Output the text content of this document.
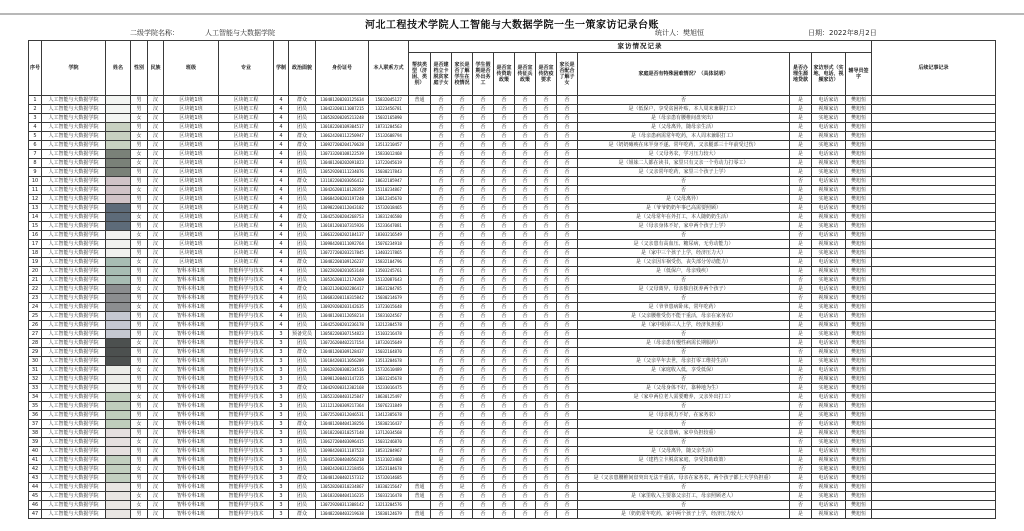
河北工程技术学院人工智能与大数据学院一生一策家访记录台账
二级学院名称：	人工智能与大数据学院	统计人：樊旭恒	日期：2022年8月2日
序号	学院	姓名	性别	民族	班级	专业	学制	政治面貌	身份证号	本人联系方式	家访情况记录												后续记事记录
											帮扶类型（济困、类别）	是否建档立卡脱贫家庭子女	家长是否了解学生在校情况	学生假期是否外出务工	是否宣传资助政策	是否宣传征兵政策	是否宣传防疫要求	家长是否配合了解子女	家庭是否有特殊困难情况？（具体说明）	是否办理生源地贷款	家访形式（实地、电话、视频家访）	辅导员签字	
1	人工智能与大数据学院		男	汉	区块链1班	区块链工程	4	群众	130481200203125634	15832045127	普通	否	否	否	否	否	否	否	否	是	电话家访	樊旭恒	
2	人工智能与大数据学院		男	汉	区块链1班	区块链工程	4	团员	130423200111087215	13223456781		否	否	否	否	否	否	否	是（低保户，享受贫困补贴，本人周末兼职打工）	是	视频家访	樊旭恒	
3	人工智能与大数据学院		女	汉	区块链1班	区块链工程	4	团员	130528200205213248	15032165890		否	否	否	否	否	否	否	是（母亲患有腰椎间盘突出）	是	实地家访	樊旭恒	
4	人工智能与大数据学院		男	汉	区块链1班	区块链工程	4	团员	130182200109304517	18731204563		否	否	否	否	否	否	否	是（父母离异，随母亲生活）	是	电话家访	樊旭恒	
5	人工智能与大数据学院		女	汉	区块链1班	区块链工程	4	群众	130624200112250947	15132608794		否	否	否	否	否	否	否	是（母亲患病需常年吃药，本人周末兼职打工）	是	视频家访	樊旭恒	
6	人工智能与大数据学院		男	汉	区块链1班	区块链工程	4	群众	130927200204170628	13513210457		否	否	否	否	否	否	否	是（奶奶瘫痪在床半身不遂、常年吃药，父亲腿部三十年前受过伤）	是	实地家访	樊旭恒	
7	人工智能与大数据学院		女	汉	区块链1班	区块链工程	4	团员	130733200108122539	15833012468		否	否	否	否	否	否	否	是（父母务农，学习压力较大）	是	电话家访	樊旭恒	
8	人工智能与大数据学院		女	汉	区块链1班	区块链工程	4	团员	130481200202091823	13722045619		否	否	否	否	否	否	否	是（姐妹二人都在读书，家里只有父亲一个劳动力打零工）	是	视频家访	樊旭恒	
9	人工智能与大数据学院		男	汉	区块链1班	区块链工程	4	团员	130529200111234076	15030217843		否	否	否	否	否	否	否	是（父亲常年吃药，家里三个孩子上学）	是	实地家访	樊旭恒	
10	人工智能与大数据学院		男	汉	区块链1班	区块链工程	4	群众	131182200203056412	18632105947		否	否	否	否	否	否	否	否	否	电话家访	樊旭恒	
11	人工智能与大数据学院		女	汉	区块链1班	区块链工程	4	团员	130426200110128359	15110234867		否	否	否	否	否	否	否	否	是	视频家访	樊旭恒	
12	人工智能与大数据学院		男	汉	区块链1班	区块链工程	4	团员	130684200201197248	13012345670		否	否	否	否	否	否	否	是（父母离异）	是	实地家访	樊旭恒	
13	人工智能与大数据学院		男	汉	区块链1班	区块链工程	4	团员	130982200112043182	15732018465		否	否	否	否	否	否	否	是（爷爷奶奶年事已高需要照顾）	是	电话家访	樊旭恒	
14	人工智能与大数据学院		女	汉	区块链1班	区块链工程	4	群众	130425200204268753	13831246580		否	否	否	否	否	否	否	是（父母常年在外打工，本人随奶奶生活）	是	视频家访	樊旭恒	
15	人工智能与大数据学院		男	汉	区块链1班	区块链工程	4	团员	130181200107315926	15233647081		否	否	否	否	否	否	否	是（母亲身体不好，家中两个孩子上学）	是	实地家访	樊旭恒	
16	人工智能与大数据学院		女	汉	区块链1班	区块链工程	4	团员	130632200202184137	18303216549		否	否	否	否	否	否	否	否	否	电话家访	樊旭恒	
17	人工智能与大数据学院		男	汉	区块链1班	区块链工程	4	团员	130984200111092764	15076234918		否	否	否	否	否	否	否	是（父亲患有高血压、糖尿病，无劳动能力）	是	视频家访	樊旭恒	
18	人工智能与大数据学院		男	汉	区块链1班	区块链工程	4	团员	130727200203217845	13403217865		否	否	否	否	否	否	否	是（家中三个孩子上学，经济压力大）	是	实地家访	樊旭恒	
19	人工智能与大数据学院		女	汉	区块链1班	区块链工程	4	群众	130482200109126237	15832104796		否	否	否	否	否	否	否	是（父亲因车祸受伤，丧失部分劳动能力）	是	电话家访	樊旭恒	
20	人工智能与大数据学院		男	汉	智科本科1班	智能科学与技术	4	团员	130228200201053148	13503245761		否	否	否	否	否	否	否	是（低保户，母亲残疾）	是	视频家访	樊旭恒	
21	人工智能与大数据学院		男	汉	智科本科1班	智能科学与技术	4	团员	130526200112174269	15132087643		否	否	否	否	否	否	否	否	否	实地家访	樊旭恒	
22	人工智能与大数据学院		女	汉	智科本科1班	智能科学与技术	4	群众	130321200202286417	18631204785		否	否	否	否	否	否	否	是（父母离异，母亲独自抚养两个孩子）	是	电话家访	樊旭恒	
23	人工智能与大数据学院		男	汉	智科本科1班	智能科学与技术	4	团员	130683200110315842	15030214679		否	否	否	否	否	否	否	否	否	视频家访	樊旭恒	
24	人工智能与大数据学院		女	汉	智科本科1班	智能科学与技术	4	团员	130929200203142635	13723015648		否	否	否	否	否	否	否	是（爷爷患病卧床，常年吃药）	是	实地家访	樊旭恒	
25	人工智能与大数据学院		男	汉	智科本科1班	智能科学与技术	4	团员	130481200112058214	15831024567		否	否	否	否	否	否	否	是（父亲腰椎受伤不能干重活，母亲在家务农）	是	电话家访	樊旭恒	
26	人工智能与大数据学院		男	汉	智科本科1班	智能科学与技术	4	团员	130425200201236178	13212304578		否	否	否	否	否	否	否	是（家中姐弟三人上学，经济负担重）	是	视频家访	樊旭恒	
27	人工智能与大数据学院		男	汉	智科专科1班	智能科学与技术	3	预备党员	130582200307154823	15103216478		否	否	否	否	否	否	否	否	是	实地家访	樊旭恒	
28	人工智能与大数据学院		女	汉	智科专科1班	智能科学与技术	3	团员	130726200402217154	18732015649		否	否	否	否	否	否	否	是（母亲患有慢性病需长期服药）	是	电话家访	樊旭恒	
29	人工智能与大数据学院		男	汉	智科专科1班	智能科学与技术	3	群众	130481200309128437	15032164870		否	否	否	否	否	否	否	否	否	视频家访	樊旭恒	
30	人工智能与大数据学院		男	汉	智科专科1班	智能科学与技术	3	团员	130184200311056289	13513204678		否	否	否	否	否	否	否	是（父亲早年去世，母亲打零工维持生活）	是	实地家访	樊旭恒	
31	人工智能与大数据学院		女	汉	智科专科1班	智能科学与技术	3	团员	130628200308234516	15732610489		否	否	否	否	否	否	否	是（家庭收入低，享受低保）	是	电话家访	樊旭恒	
32	人工智能与大数据学院		男	汉	智科专科1班	智能科学与技术	3	团员	130981200401147235	13031245678		否	否	否	否	否	否	否	否	否	视频家访	樊旭恒	
33	人工智能与大数据学院		男	汉	智科专科1班	智能科学与技术	3	群众	130429200312302168	15233016475		否	否	否	否	否	否	否	是（父母身体不好，靠种地为生）	是	实地家访	樊旭恒	
34	人工智能与大数据学院		女	汉	智科专科1班	智能科学与技术	3	团员	130523200403125847	18630125497		否	否	否	否	否	否	否	是（家中两位老人需要赡养，父亲外出打工）	是	电话家访	樊旭恒	
35	人工智能与大数据学院		男	汉	智科专科1班	智能科学与技术	3	团员	131121200309217364	15076231849		否	否	否	否	否	否	否	否	否	视频家访	樊旭恒	
36	人工智能与大数据学院		男	汉	智科专科1班	智能科学与技术	3	团员	130725200312046531	13412305678		否	否	否	否	否	否	否	是（母亲视力不好，在家务农）	是	实地家访	樊旭恒	
37	人工智能与大数据学院		女	汉	智科专科1班	智能科学与技术	3	群众	130481200404138256	15830216437		否	否	否	否	否	否	否	否	否	电话家访	樊旭恒	
38	人工智能与大数据学院		男	汉	智科专科1班	智能科学与技术	3	团员	130182200310257148	13712034568		否	否	否	否	否	否	否	是（父亲患病，家中负担较重）	是	视频家访	樊旭恒	
39	人工智能与大数据学院		女	汉	智科专科1班	智能科学与技术	3	团员	130627200403096415	15031246870		否	否	否	否	否	否	否	否	否	实地家访	樊旭恒	
40	人工智能与大数据学院		男	汉	智科专科1班	智能科学与技术	3	团员	130984200311187523	18531204967		否	否	否	否	否	否	否	是（父母离异，随父亲生活）	是	电话家访	樊旭恒	
41	人工智能与大数据学院		男	满	智科专科1班	智能科学与技术	3	团员	130435200404056218	15131023468		是	否	否	否	否	否	否	是（建档立卡脱贫家庭，享受资助政策）	是	视频家访	樊旭恒	
42	人工智能与大数据学院		女	汉	智科专科1班	智能科学与技术	3	团员	130824200312218456	13523104678		否	否	否	否	否	否	否	否	否	实地家访	樊旭恒	
43	人工智能与大数据学院		男	汉	智科专科1班	智能科学与技术	3	群众	130481200402157312	15732014685		否	否	否	否	否	否	否	是（父亲患腰椎间盘突出无法干重活，母亲在家务农，两个孩子都上大学负担重）	是	电话家访	樊旭恒	
44	人工智能与大数据学院		男	汉	智科专科1班	智能科学与技术	3	团员	130528200310234867	18330215647	普通	否	是	否	否	否	否	否	否	否	视频家访	樊旭恒	
45	人工智能与大数据学院		女	汉	智科专科1班	智能科学与技术	3	团员	130183200404116235	15033216478	普通	否	否	否	否	否	否	否	是（家里收入主要靠父亲打工，母亲照顾老人）	是	实地家访	樊旭恒	
46	人工智能与大数据学院		女	汉	智科专科1班	智能科学与技术	3	团员	130729200311308142	13213204576		否	否	否	否	否	否	否	否	否	电话家访	樊旭恒	
47	人工智能与大数据学院		男	汉	智科专科1班	智能科学与技术	3	群众	130482200403219638	15830124679	普通	否	否	否	否	否	否	否	是（奶奶常年吃药，家中两个孩子上学，经济压力较大）	是	视频家访	樊旭恒	
